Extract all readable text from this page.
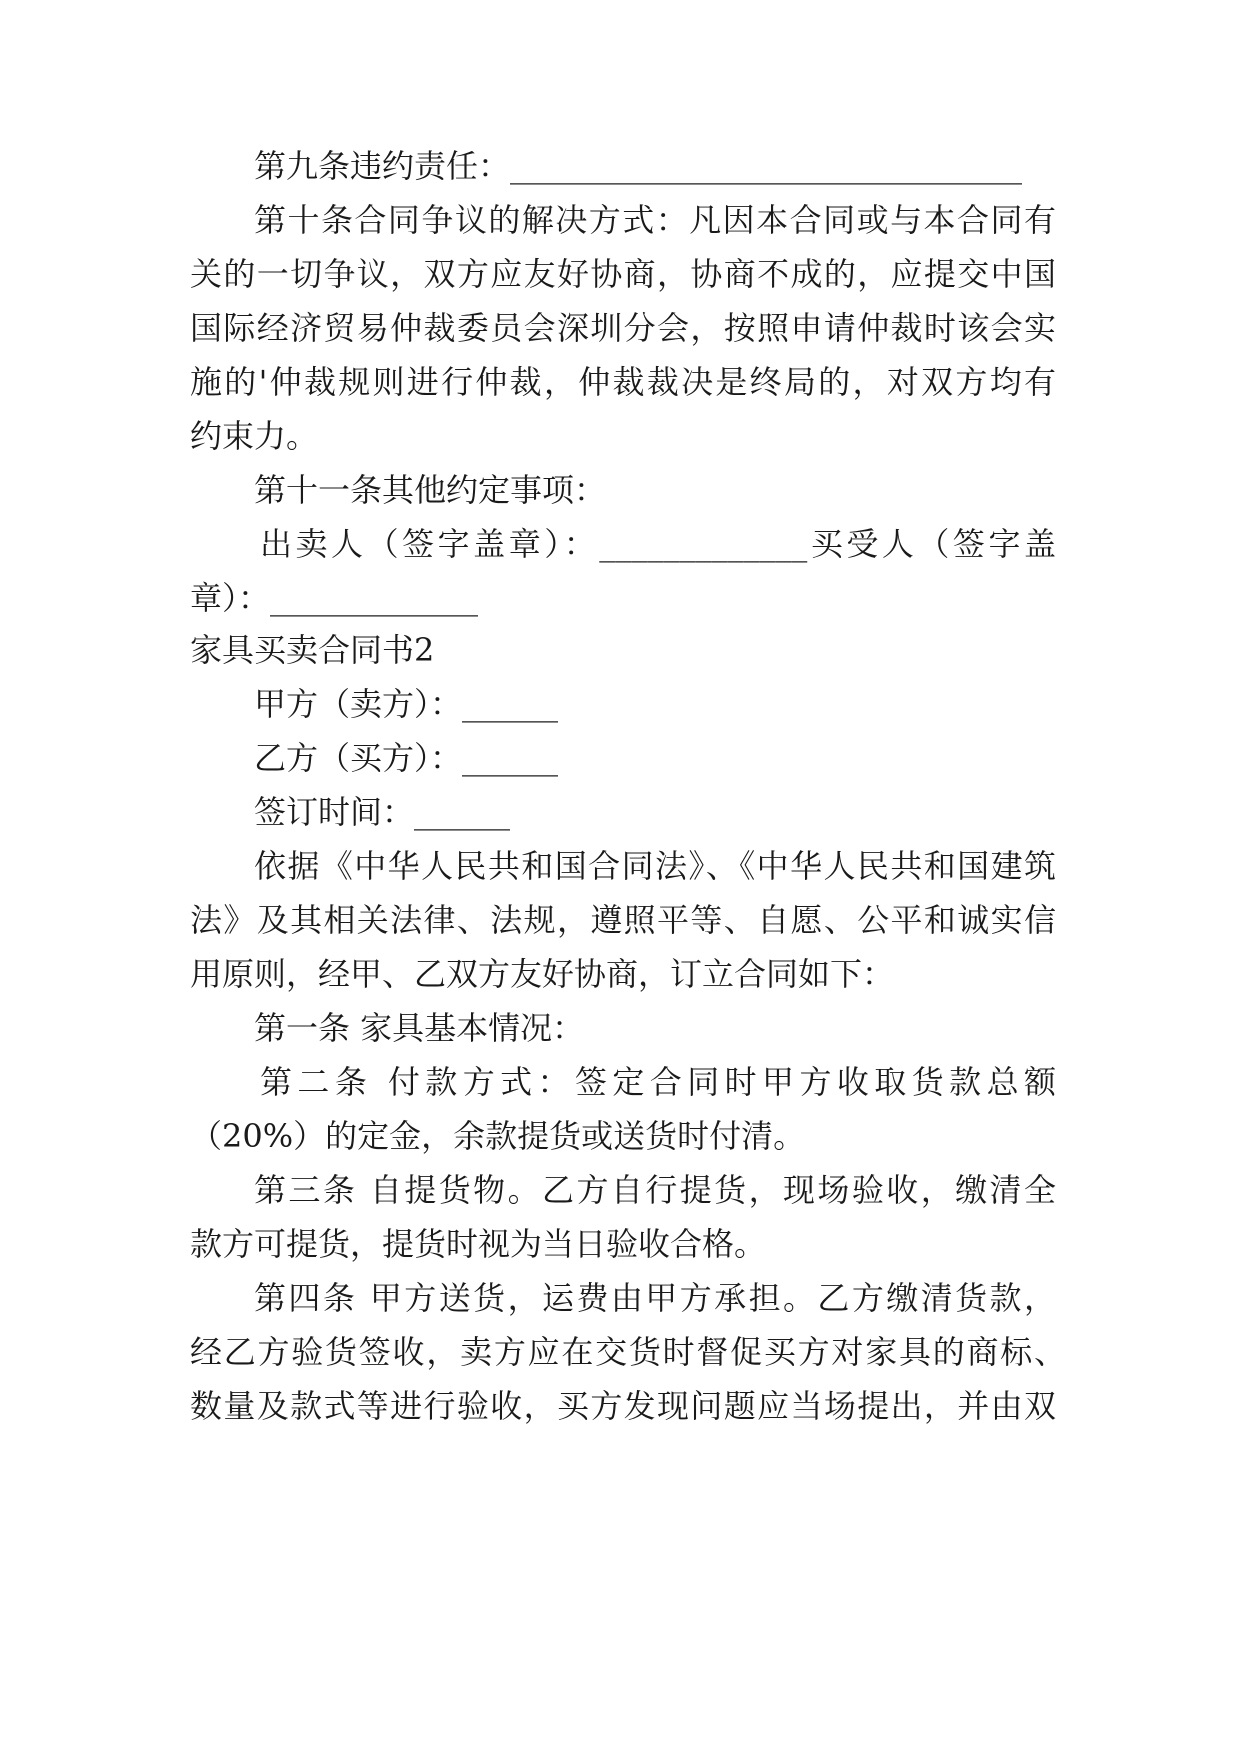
第九条违约责任：________________________________
第十条合同争议的解决方式：凡因本合同或与本合同有
关的一切争议，双方应友好协商，协商不成的，应提交中国
国际经济贸易仲裁委员会深圳分会，按照申请仲裁时该会实
施的'仲裁规则进行仲裁，仲裁裁决是终局的，对双方均有
约束力。
第十一条其他约定事项：
出卖人（签字盖章）：_____________买受人（签字盖
章）：_____________
家具买卖合同书2
甲方（卖方）：______
乙方（买方）：______
签订时间：______
依据《中华人民共和国合同法》、《中华人民共和国建筑
法》及其相关法律、法规，遵照平等、自愿、公平和诚实信
用原则，经甲、乙双方友好协商，订立合同如下：
第一条 家具基本情况：
第二条 付款方式：签定合同时甲方收取货款总额
（20%）的定金，余款提货或送货时付清。
第三条 自提货物。乙方自行提货，现场验收，缴清全
款方可提货，提货时视为当日验收合格。
第四条 甲方送货，运费由甲方承担。乙方缴清货款，
经乙方验货签收，卖方应在交货时督促买方对家具的商标、
数量及款式等进行验收，买方发现问题应当场提出，并由双
